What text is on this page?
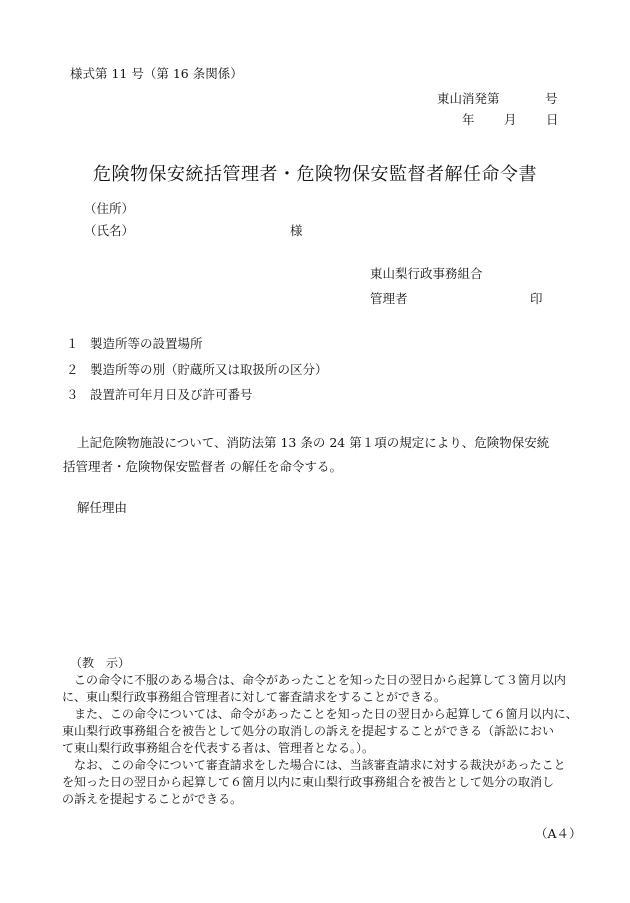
様式第 11 号（第 16 条関係）
東山消発第	号
年 月 日
危険物保安統括管理者・危険物保安監督者解任命令書
（住所）
（氏名）	様
東山梨行政事務組合
管理者	印
１ 製造所等の設置場所
２ 製造所等の別（貯蔵所又は取扱所の区分）
３ 設置許可年月日及び許可番号
上記危険物施設について、消防法第 13 条の 24 第１項の規定により、危険物保安統
括管理者・危険物保安監督者 の解任を命令する。
解任理由
（教　示）
　この命令に不服のある場合は、命令があったことを知った日の翌日から起算して３箇月以内
に、東山梨行政事務組合管理者に対して審査請求をすることができる。
　また、この命令については、命令があったことを知った日の翌日から起算して６箇月以内に、
東山梨行政事務組合を被告として処分の取消しの訴えを提起することができる（訴訟におい
て東山梨行政事務組合を代表する者は、管理者となる。）。
　なお、この命令について審査請求をした場合には、当該審査請求に対する裁決があったこと
を知った日の翌日から起算して６箇月以内に東山梨行政事務組合を被告として処分の取消し
の訴えを提起することができる。
（A４）
